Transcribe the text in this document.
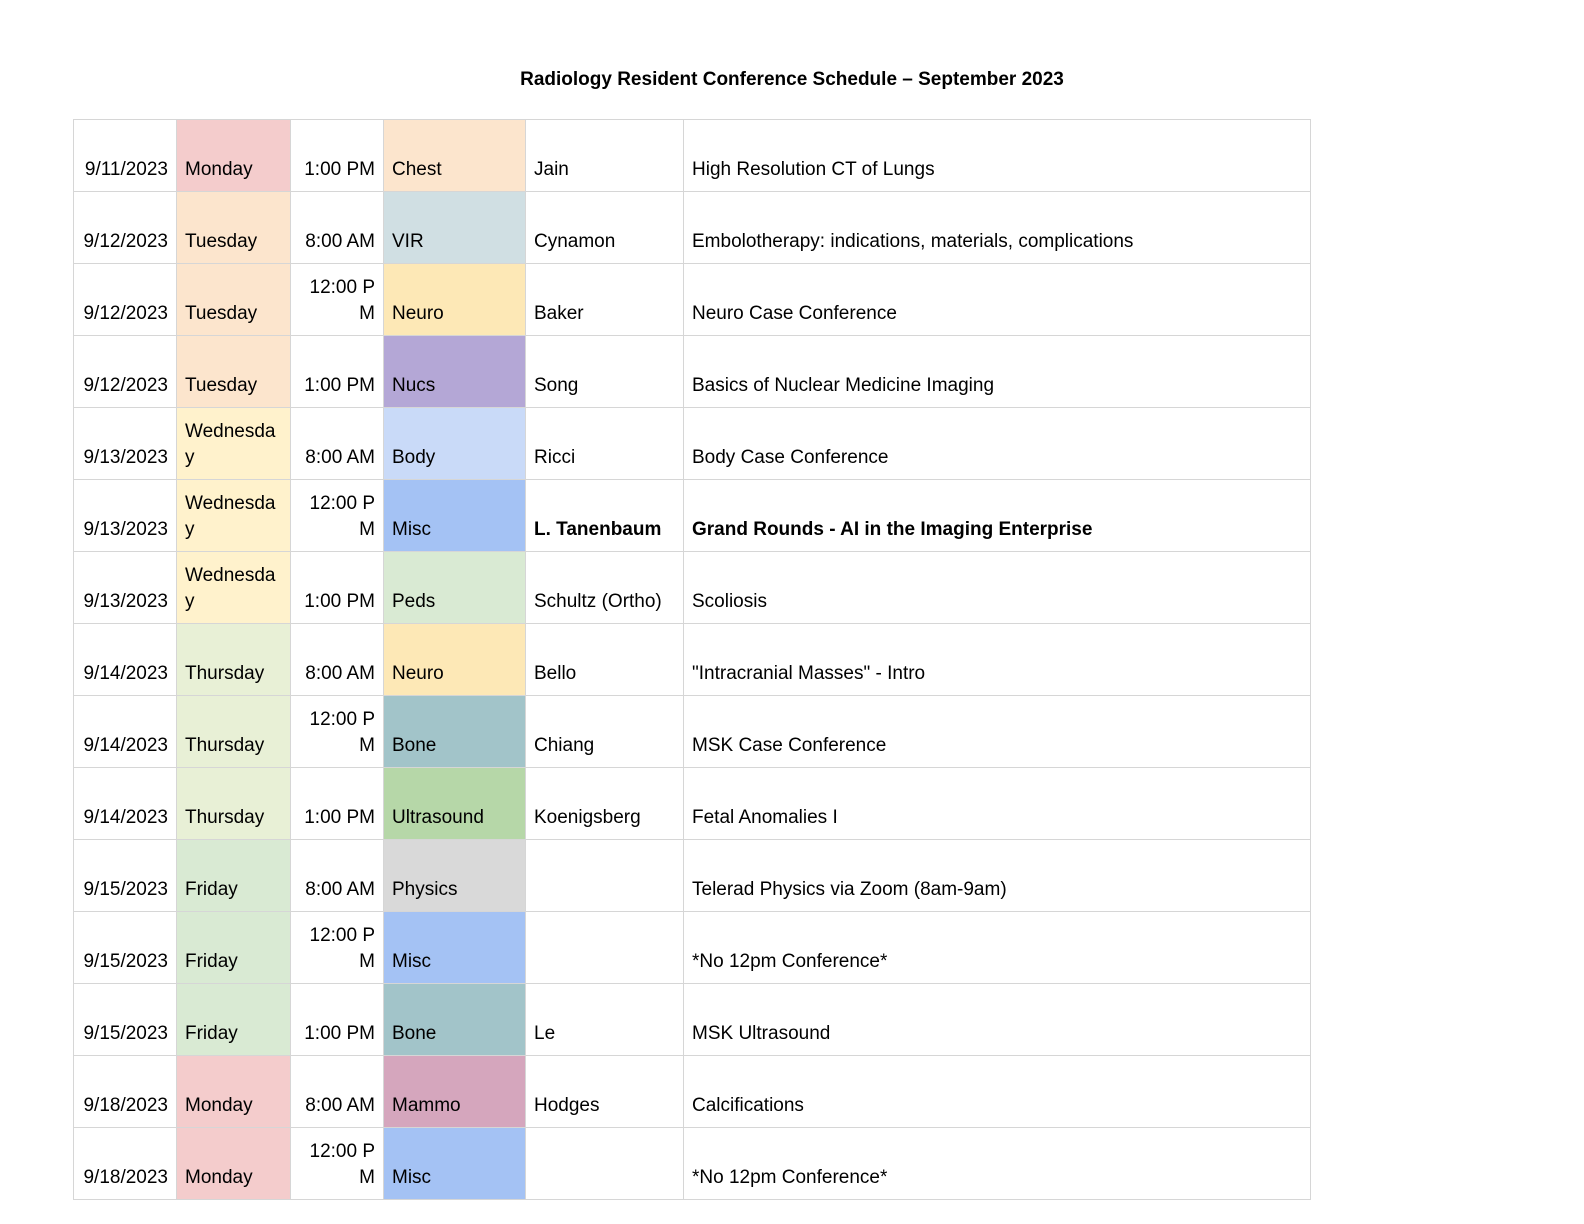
Radiology Resident Conference Schedule – September 2023
9/11/2023	Monday	1:00 PM	Chest	Jain	High Resolution CT of Lungs
9/12/2023	Tuesday	8:00 AM	VIR	Cynamon	Embolotherapy: indications, materials, complications
9/12/2023	Tuesday	12:00 PM	Neuro	Baker	Neuro Case Conference
9/12/2023	Tuesday	1:00 PM	Nucs	Song	Basics of Nuclear Medicine Imaging
9/13/2023	Wednesday	8:00 AM	Body	Ricci	Body Case Conference
9/13/2023	Wednesday	12:00 PM	Misc	L. Tanenbaum	Grand Rounds - AI in the Imaging Enterprise
9/13/2023	Wednesday	1:00 PM	Peds	Schultz (Ortho)	Scoliosis
9/14/2023	Thursday	8:00 AM	Neuro	Bello	"Intracranial Masses" - Intro
9/14/2023	Thursday	12:00 PM	Bone	Chiang	MSK Case Conference
9/14/2023	Thursday	1:00 PM	Ultrasound	Koenigsberg	Fetal Anomalies I
9/15/2023	Friday	8:00 AM	Physics		Telerad Physics via Zoom (8am-9am)
9/15/2023	Friday	12:00 PM	Misc		*No 12pm Conference*
9/15/2023	Friday	1:00 PM	Bone	Le	MSK Ultrasound
9/18/2023	Monday	8:00 AM	Mammo	Hodges	Calcifications
9/18/2023	Monday	12:00 PM	Misc		*No 12pm Conference*
